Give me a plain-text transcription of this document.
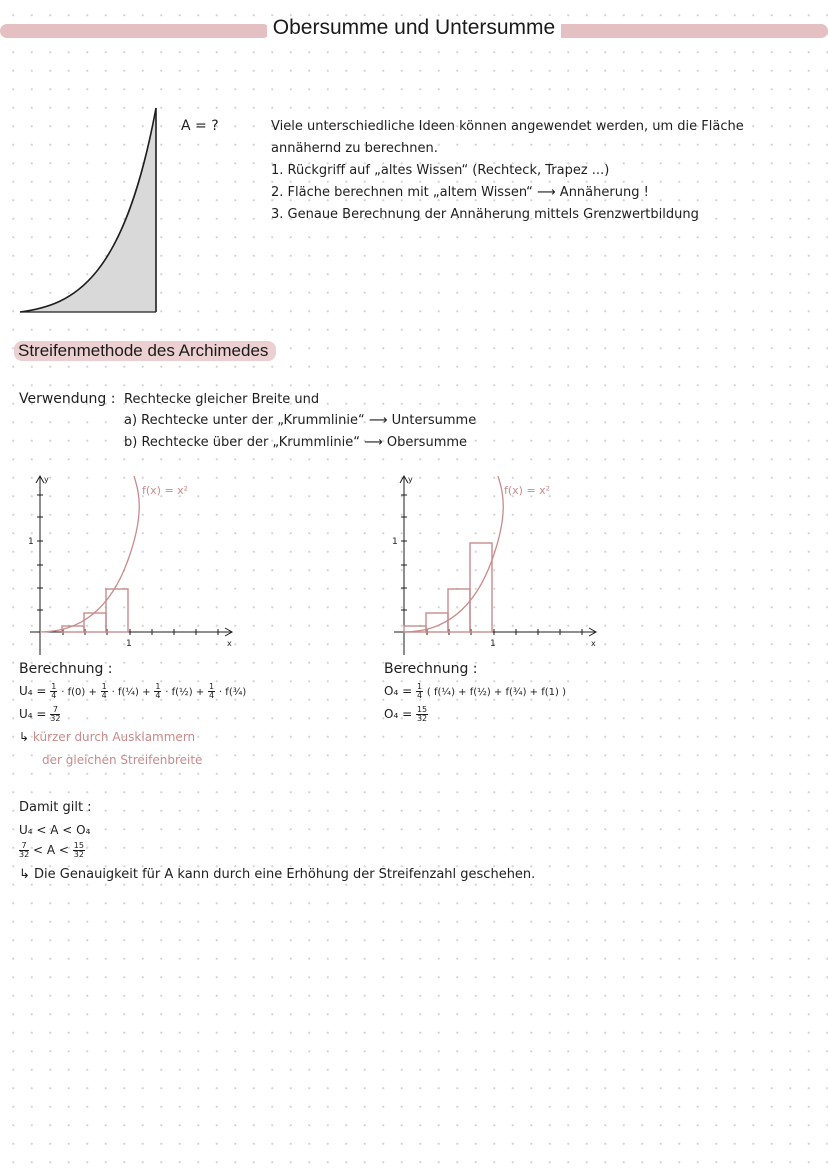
Obersumme und Untersumme
A = ?	Viele unterschiedliche Ideen können angewendet werden, um die Fläche
annähernd zu berechnen.
1. Rückgriff auf „altes Wissen“ (Rechteck, Trapez ...)
2. Fläche berechnen mit „altem Wissen“ ⟶ Annäherung !
3. Genaue Berechnung der Annäherung mittels Grenzwertbildung
Streifenmethode des Archimedes
Verwendung : Rechtecke gleicher Breite und
a) Rechtecke unter der „Krummlinie“ ⟶ Untersumme
b) Rechtecke über der „Krummlinie“ ⟶ Obersumme
1
1	x
y
f(x) = x²
1
1	x
y
f(x) = x²
Berechnung :
$U_4 = \frac{1}{4} \cdot f(0) + \frac{1}{4}$ · f(¼) + $\frac{1}{4}$ · f(½) + $\frac{1}{4}$ · f(¾)
$U_4 = \frac{7}{32}$
↳ kürzer durch Ausklammern
der gleichen Streifenbreite
Berechnung :
$O_4 = \frac{1}{4}$ ( f(¼) + f(½) + f(¾) + f(1) )
$O_4 = \frac{15}{32}$
Damit gilt :
U₄ < A < O₄
$\frac{7}{32} < A < \frac{15}{32}$
↳ Die Genauigkeit für A kann durch eine Erhöhung der Streifenzahl geschehen.
